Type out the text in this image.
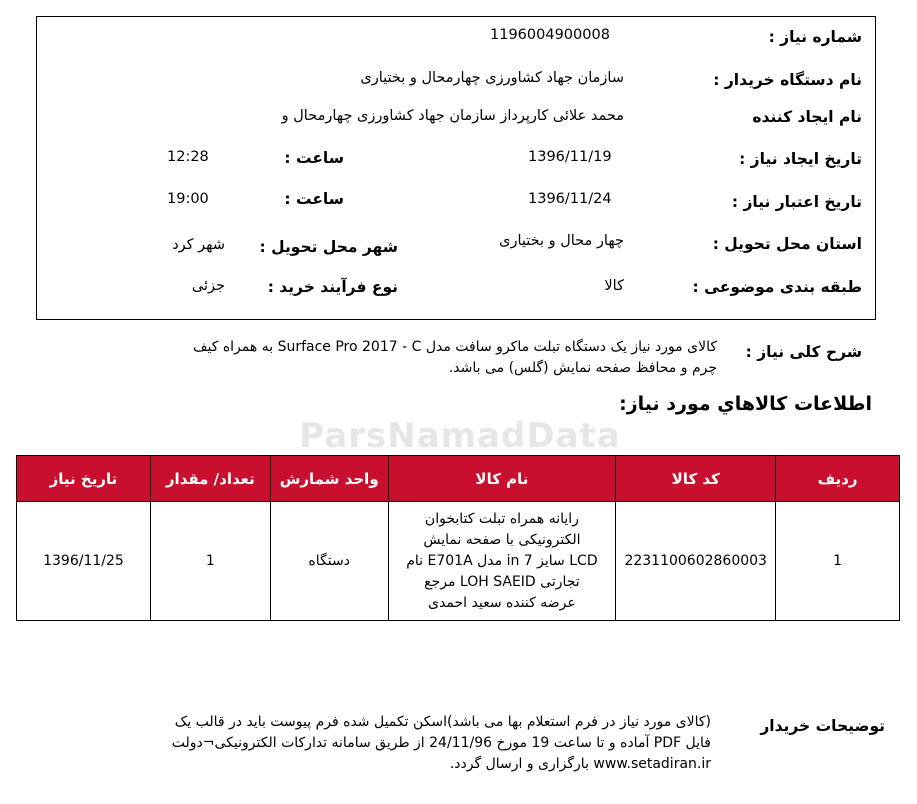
ParsNamadData
شماره نیاز :
1196004900008
نام دستگاه خریدار :
سازمان جهاد کشاورزی چهارمحال و بختیاری
نام ایجاد کننده
محمد علائی کارپرداز سازمان جهاد کشاورزی چهارمحال و
تاریخ ایجاد نیاز :
1396/11/19
ساعت :
12:28
تاریخ اعتبار نیاز :
1396/11/24
ساعت :
19:00
استان محل تحویل :
چهار محال و بختیاری
شهر محل تحویل :
شهر کرد
طبقه بندی موضوعی :
کالا
نوع فرآیند خرید :
جزئی
شرح کلی نیاز :
کالای مورد نیاز یک دستگاه تبلت ماکرو سافت مدل Surface Pro 2017 - C به همراه کیف
چرم و محافظ صفحه نمایش (گلس) می باشد.
اطلاعات کالاهاي مورد نياز:
ردیف	کد کالا	نام کالا	واحد شمارش	تعداد/ مقدار	تاریخ نیاز
1	2231100602860003	رایانه همراه تبلت کتابخوان
الکترونیکی با صفحه نمایش
LCD سایز in 7 مدل E701A نام
تجارتی LOH SAEID مرجع
عرضه کننده سعید احمدی	دستگاه	1	1396/11/25
توضیحات خریدار
(کالای مورد نیاز در فرم استعلام بها می باشد)اسکن تکمیل شده فرم پیوست باید در قالب یک
فایل PDF آماده و تا ساعت 19 مورخ 24/11/96 از طریق سامانه تدارکات الکترونیکی¬دولت
www.setadiran.ir بارگزاری و ارسال گردد.
